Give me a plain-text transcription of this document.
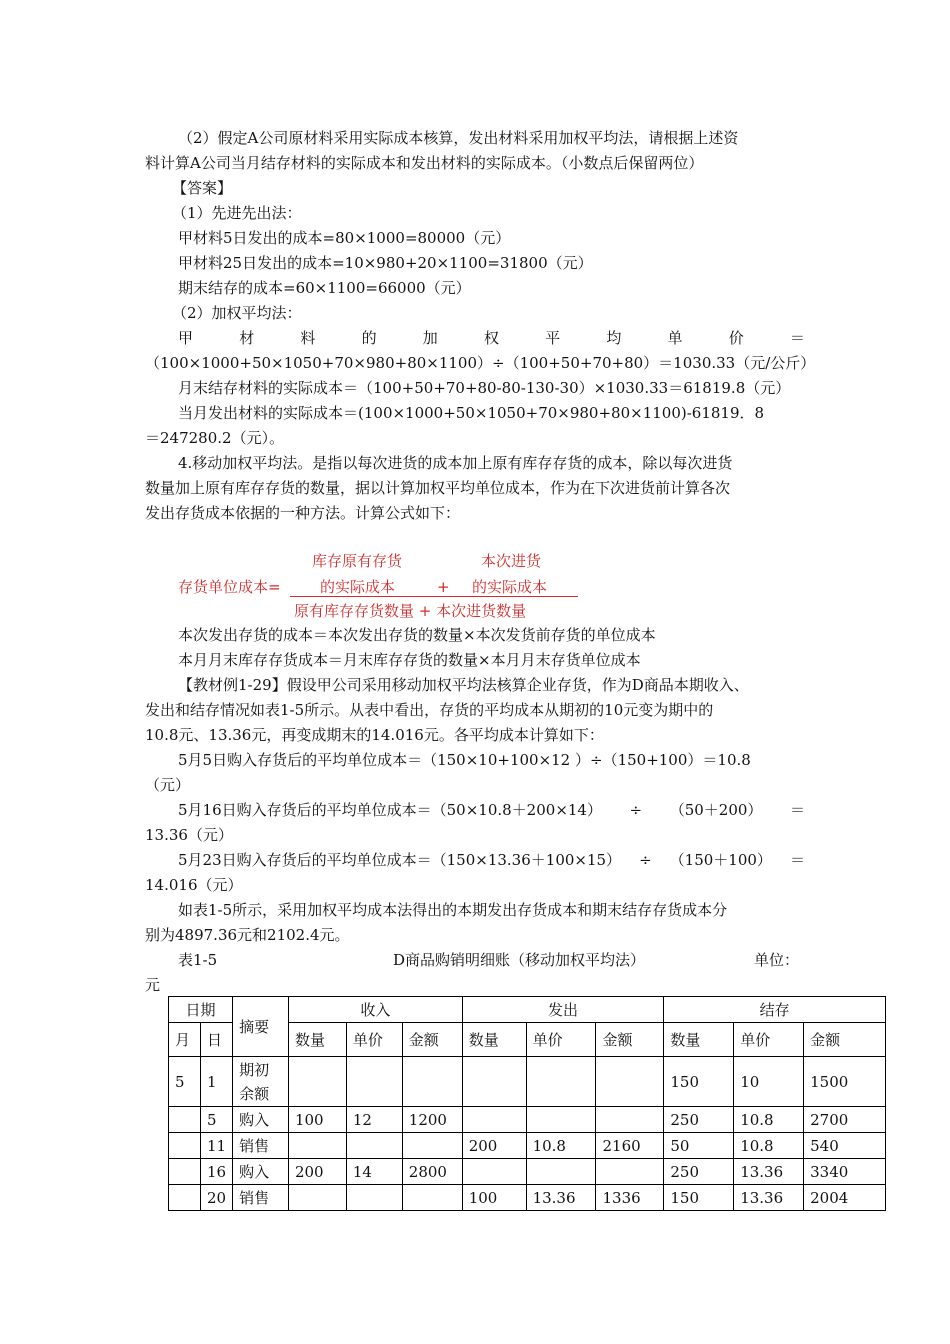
（2）假定A公司原材料采用实际成本核算，发出材料采用加权平均法，请根据上述资
料计算A公司当月结存材料的实际成本和发出材料的实际成本。（小数点后保留两位）
【答案】
（1）先进先出法：
甲材料5日发出的成本=80×1000=80000（元）
甲材料25日发出的成本=10×980+20×1100=31800（元）
期末结存的成本=60×1100=66000（元）
（2）加权平均法：
甲	材	料	的	加	权	平	均	单	价	＝
（100×1000+50×1050+70×980+80×1100）÷（100+50+70+80）＝1030.33（元/公斤）
月末结存材料的实际成本＝（100+50+70+80-80-130-30）×1030.33＝61819.8（元）
当月发出材料的实际成本＝(100×1000+50×1050+70×980+80×1100)-61819．8
＝247280.2（元）。
4.移动加权平均法。是指以每次进货的成本加上原有库存存货的成本，除以每次进货
数量加上原有库存存货的数量，据以计算加权平均单位成本，作为在下次进货前计算各次
发出存货成本依据的一种方法。计算公式如下：
库存原有存货	本次进货
存货单位成本=	的实际成本	+ 的实际成本
原有库存存货数量 + 本次进货数量
本次发出存货的成本＝本次发出存货的数量×本次发货前存货的单位成本
本月月末库存存货成本＝月末库存存货的数量×本月月末存货单位成本
【教材例1-29】假设甲公司采用移动加权平均法核算企业存货，作为D商品本期收入、
发出和结存情况如表1-5所示。从表中看出，存货的平均成本从期初的10元变为期中的
10.8元、13.36元，再变成期末的14.016元。各平均成本计算如下：
5月5日购入存货后的平均单位成本＝（150×10+100×12 ）÷（150+100）＝10.8
（元）
5月16日购入存货后的平均单位成本＝（50×10.8＋200×14） ÷ （50＋200） ＝
13.36（元）
5月23日购入存货后的平均单位成本＝（150×13.36＋100×15） ÷ （150＋100） ＝
14.016（元）
如表1-5所示，采用加权平均成本法得出的本期发出存货成本和期末结存存货成本分
别为4897.36元和2102.4元。
表1-5	D商品购销明细账（移动加权平均法）	单位：
元
日期		摘要	收入			发出			结存		
月	日		数量	单价	金额	数量	单价	金额	数量	单价	金额
5	1	期初
余额							150	10	1500
	5	购入	100	12	1200				250	10.8	2700
	11	销售				200	10.8	2160	50	10.8	540
	16	购入	200	14	2800				250	13.36	3340
	20	销售				100	13.36	1336	150	13.36	2004
